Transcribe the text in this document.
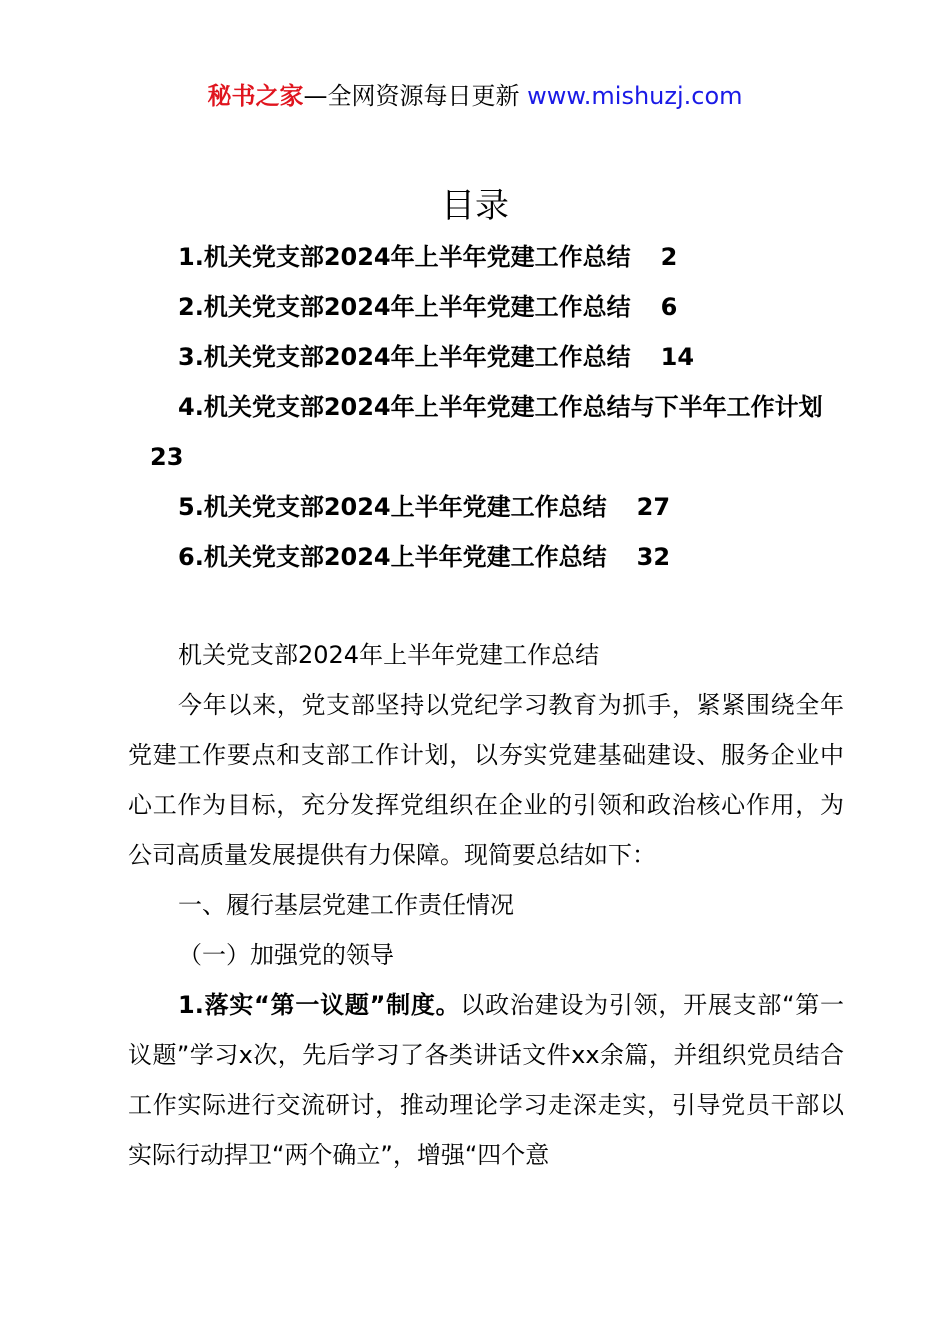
秘书之家—全网资源每日更新 www.mishuzj.com
目录
1.机关党支部2024年上半年党建工作总结 2
2.机关党支部2024年上半年党建工作总结 6
3.机关党支部2024年上半年党建工作总结 14
4.机关党支部2024年上半年党建工作总结与下半年工作计划23
5.机关党支部2024上半年党建工作总结 27
6.机关党支部2024上半年党建工作总结 32

机关党支部2024年上半年党建工作总结

今年以来，党支部坚持以党纪学习教育为抓手，紧紧围绕全年党建工作要点和支部工作计划，以夯实党建基础建设、服务企业中心工作为目标，充分发挥党组织在企业的引领和政治核心作用，为公司高质量发展提供有力保障。现简要总结如下：

一、履行基层党建工作责任情况

（一）加强党的领导

1.落实“第一议题”制度。以政治建设为引领，开展支部“第一议题”学习x次，先后学习了各类讲话文件xx余篇，并组织党员结合工作实际进行交流研讨，推动理论学习走深走实，引导党员干部以实际行动捍卫“两个确立”，增强“四个意
